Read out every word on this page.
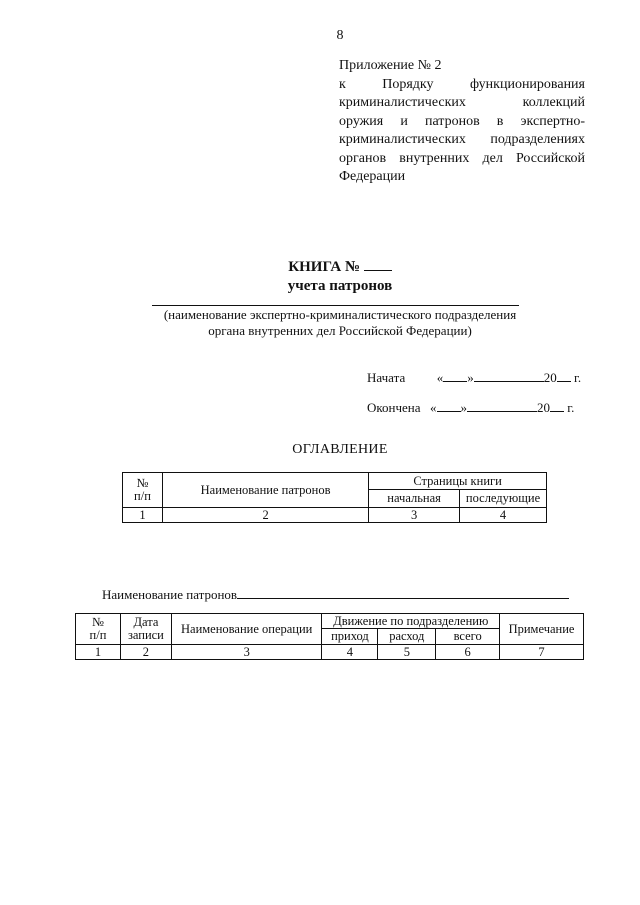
8
Приложение № 2
к Порядку функционирования
криминалистических коллекций
оружия и патронов в экспертно-
криминалистических подразделениях
органов внутренних дел Российской
Федерации
КНИГА №
учета патронов
(наименование экспертно-криминалистического подразделения
органа внутренних дел Российской Федерации)
Начата « »	20 г.
Окончена « »	20 г.
ОГЛАВЛЕНИЕ
№ п/п	Наименование патронов	Страницы книги	
		начальная	последующие
1	2	3	4
Наименование патронов
№ п/п	Дата записи	Наименование операции	Движение по подразделению			Примечание
			приход	расход	всего	
1	2	3	4	5	6	7
